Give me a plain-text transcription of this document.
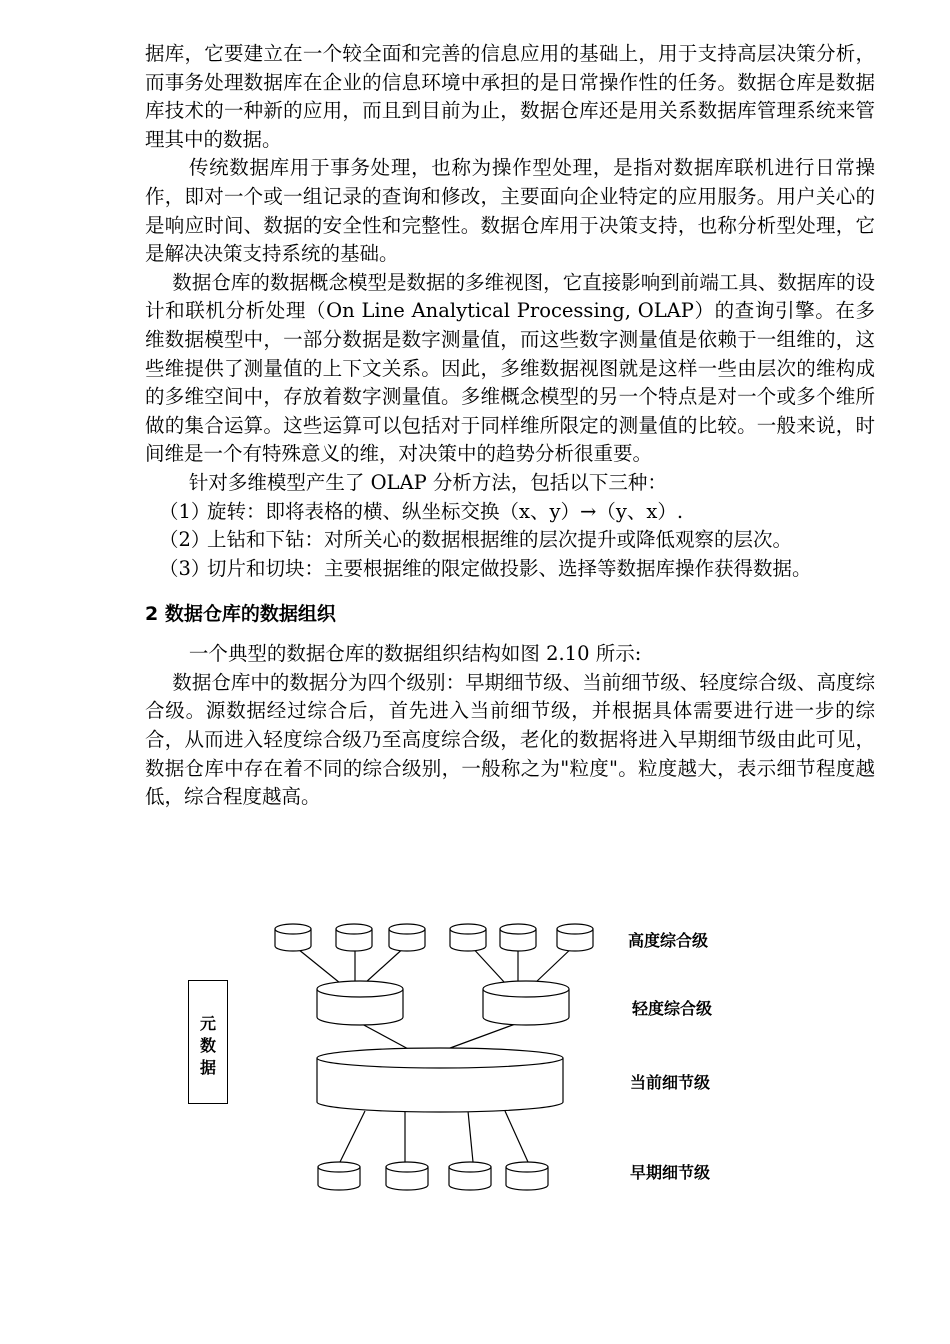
据库，它要建立在一个较全面和完善的信息应用的基础上，用于支持高层决策分析，而事务处理数据库在企业的信息环境中承担的是日常操作性的任务。数据仓库是数据库技术的一种新的应用，而且到目前为止，数据仓库还是用关系数据库管理系统来管理其中的数据。

传统数据库用于事务处理，也称为操作型处理，是指对数据库联机进行日常操作，即对一个或一组记录的查询和修改，主要面向企业特定的应用服务。用户关心的是响应时间、数据的安全性和完整性。数据仓库用于决策支持，也称分析型处理，它是解决决策支持系统的基础。

数据仓库的数据概念模型是数据的多维视图，它直接影响到前端工具、数据库的设计和联机分析处理（On Line Analytical Processing, OLAP）的查询引擎。在多维数据模型中，一部分数据是数字测量值，而这些数字测量值是依赖于一组维的，这些维提供了测量值的上下文关系。因此，多维数据视图就是这样一些由层次的维构成的多维空间中，存放着数字测量值。多维概念模型的另一个特点是对一个或多个维所做的集合运算。这些运算可以包括对于同样维所限定的测量值的比较。一般来说，时间维是一个有特殊意义的维，对决策中的趋势分析很重要。

针对多维模型产生了 OLAP 分析方法，包括以下三种：

（1）
旋转：即将表格的横、纵坐标交换（x、y）→（y、x）.
（2）
上钻和下钻：对所关心的数据根据维的层次提升或降低观察的层次。
（3）
切片和切块：主要根据维的限定做投影、选择等数据库操作获得数据。
2 数据仓库的数据组织

一个典型的数据仓库的数据组织结构如图 2.10 所示:

数据仓库中的数据分为四个级别：早期细节级、当前细节级、轻度综合级、高度综合级。源数据经过综合后，首先进入当前细节级，并根据具体需要进行进一步的综合，从而进入轻度综合级乃至高度综合级，老化的数据将进入早期细节级由此可见，数据仓库中存在着不同的综合级别，一般称之为"粒度"。粒度越大，表示细节程度越低，综合程度越高。

元数据
高度综合级
轻度综合级
当前细节级
早期细节级
